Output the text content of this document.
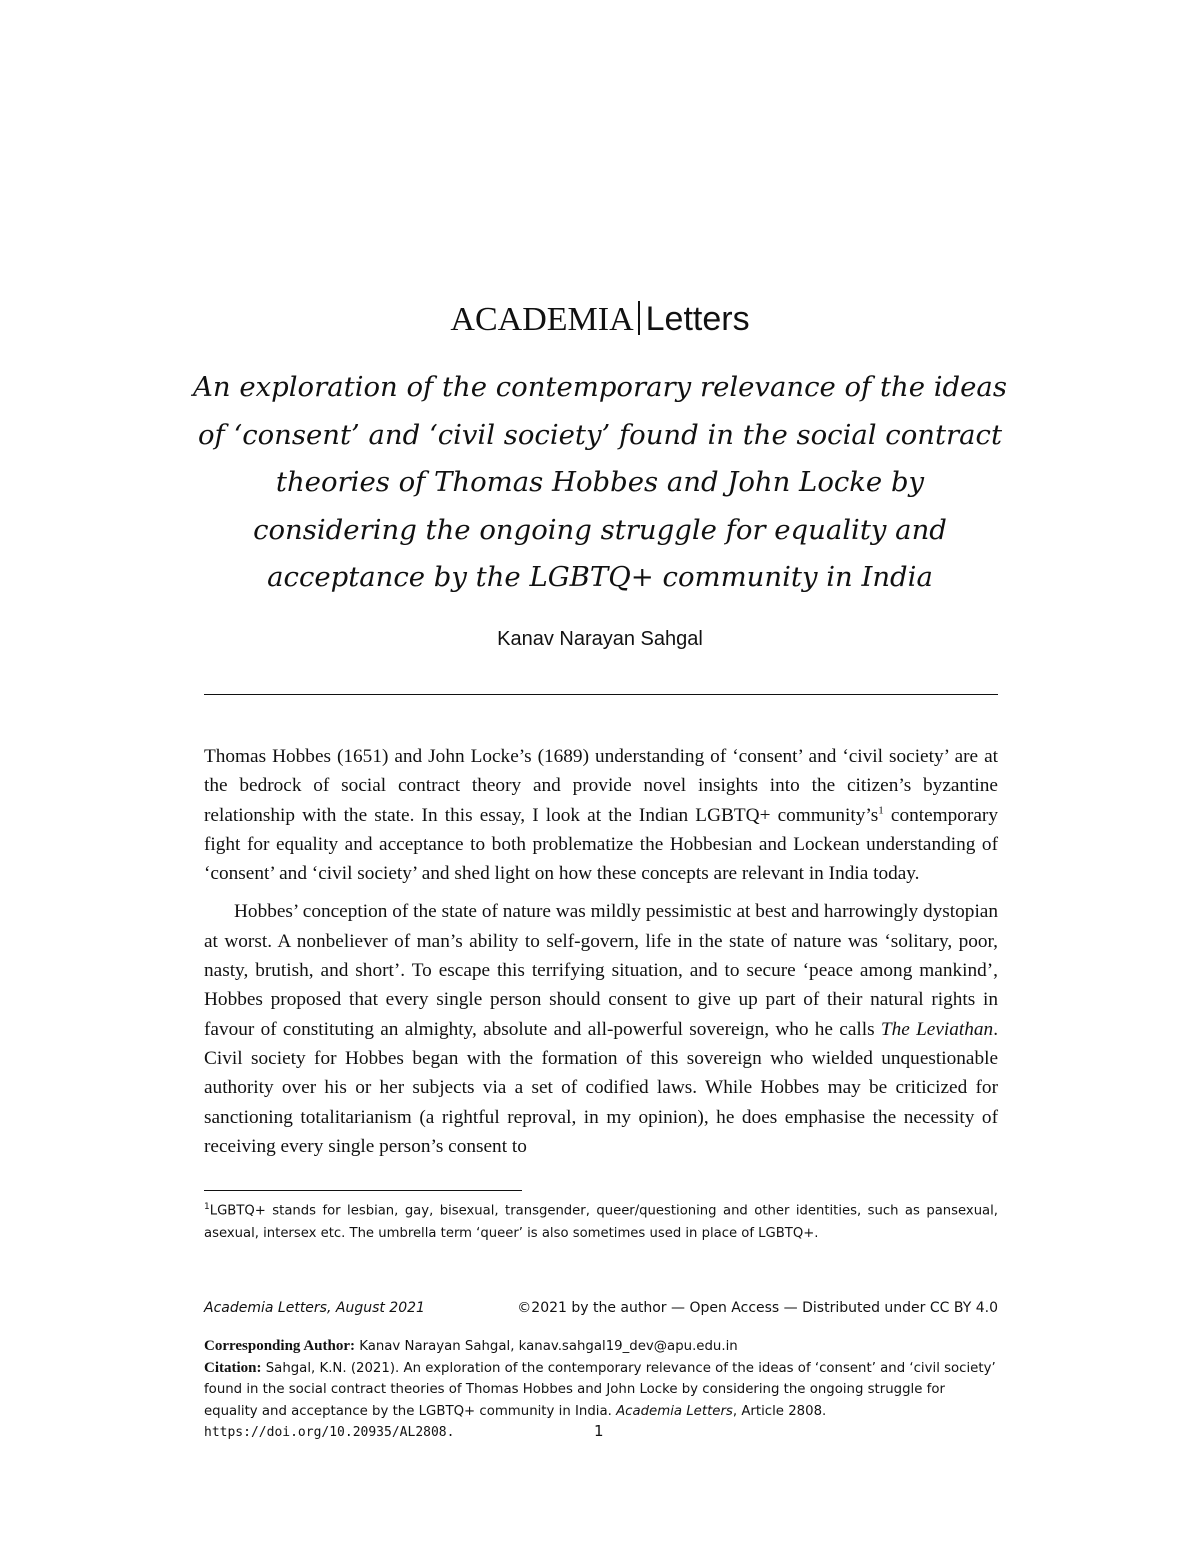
ACADEMIA Letters
An exploration of the contemporary relevance of the ideas of ‘consent’ and ‘civil society’ found in the social contract theories of Thomas Hobbes and John Locke by considering the ongoing struggle for equality and acceptance by the LGBTQ+ community in India
Kanav Narayan Sahgal

Thomas Hobbes (1651) and John Locke’s (1689) understanding of ‘consent’ and ‘civil society’ are at the bedrock of social contract theory and provide novel insights into the citizen’s byzantine relationship with the state. In this essay, I look at the Indian LGBTQ+ $community’s^1$ contemporary fight for equality and acceptance to both problematize the Hobbesian and Lockean understanding of ‘consent’ and ‘civil society’ and shed light on how these concepts are relevant in India today.

Hobbes’ conception of the state of nature was mildly pessimistic at best and harrowingly dystopian at worst. A nonbeliever of man’s ability to self-govern, life in the state of nature was ‘solitary, poor, nasty, brutish, and short’. To escape this terrifying situation, and to secure ‘peace among mankind’, Hobbes proposed that every single person should consent to give up part of their natural rights in favour of constituting an almighty, absolute and all-powerful sovereign, who he calls The Leviathan. Civil society for Hobbes began with the formation of this sovereign who wielded unquestionable authority over his or her subjects via a set of codified laws. While Hobbes may be criticized for sanctioning totalitarianism (a rightful reproval, in my opinion), he does emphasise the necessity of receiving every single person’s consent to

$^1$LGBTQ+ stands for lesbian, gay, bisexual, transgender, queer/questioning and other identities, such as pansexual, asexual, intersex etc. The umbrella term ‘queer’ is also sometimes used in place of LGBTQ+.
Academia Letters, August 2021	©2021 by the author — Open Access — Distributed under CC BY 4.0
Corresponding Author: Kanav Narayan Sahgal, kanav.sahgal19_dev@apu.edu.in
Citation: Sahgal, K.N. (2021). An exploration of the contemporary relevance of the ideas of ‘consent’ and ‘civil society’ found in the social contract theories of Thomas Hobbes and John Locke by considering the ongoing struggle for equality and acceptance by the LGBTQ+ community in India. Academia Letters, Article 2808.
https://doi.org/10.20935/AL2808.	1
